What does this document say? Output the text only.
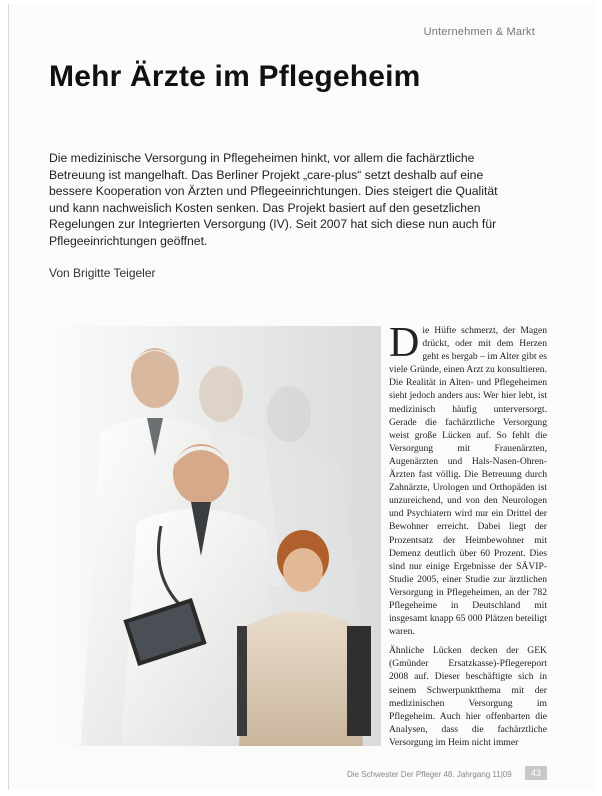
Unternehmen & Markt
Mehr Ärzte im Pflegeheim
Die medizinische Versorgung in Pflegeheimen hinkt, vor allem die fachärztliche Betreuung ist mangelhaft. Das Berliner Projekt „care-plus“ setzt deshalb auf eine bessere Kooperation von Ärzten und Pflegeeinrichtungen. Dies steigert die Qualität und kann nachweislich Kosten senken. Das Projekt basiert auf den gesetzlichen Regelungen zur Integrierten Versorgung (IV). Seit 2007 hat sich diese nun auch für Pflegeeinrichtungen geöffnet.
Von Brigitte Teigeler

Die Hüfte schmerzt, der Magen drückt, oder mit dem Herzen geht es bergab – im Alter gibt es viele Gründe, einen Arzt zu konsultieren. Die Realität in Alten- und Pflegeheimen sieht jedoch anders aus: Wer hier lebt, ist medizinisch häufig unterversorgt. Gerade die fachärztliche Versorgung weist große Lücken auf. So fehlt die Versorgung mit Frauenärzten, Augenärzten und Hals-Nasen-Ohren-Ärzten fast völlig. Die Betreuung durch Zahnärzte, Urologen und Orthopäden ist unzureichend, und von den Neurologen und Psychiatern wird nur ein Drittel der Bewohner erreicht. Dabei liegt der Prozentsatz der Heimbewohner mit Demenz deutlich über 60 Prozent. Dies sind nur einige Ergebnisse der SÄVIP-Studie 2005, einer Studie zur ärztlichen Versorgung in Pflegeheimen, an der 782 Pflegeheime in Deutschland mit insgesamt knapp 65 000 Plätzen beteiligt waren.

Ähnliche Lücken decken der GEK (Gmünder Ersatzkasse)-Pflegereport 2008 auf. Dieser beschäftigte sich in seinem Schwerpunktthema mit der medizinischen Versorgung im Pflegeheim. Auch hier offenbarten die Analysen, dass die fachärztliche Versorgung im Heim nicht immer

Die Schwester Der Pfleger 48. Jahrgang 11|09	43
